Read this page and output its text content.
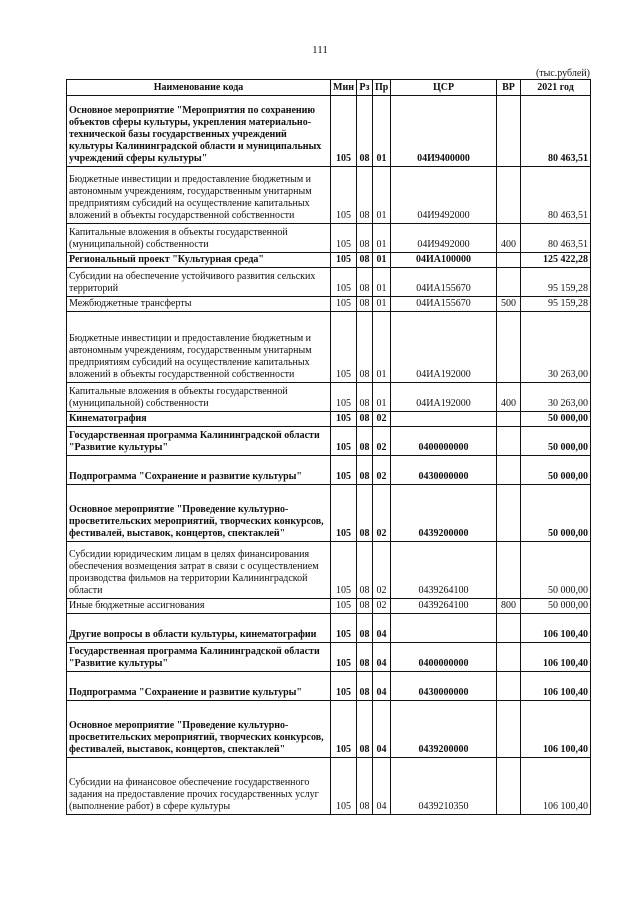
111
(тыс.рублей)
Наименование кода	Мин	Рз	Пр	ЦСР	ВР	2021 год
Основное мероприятие "Мероприятия по сохранению объектов сферы культуры, укрепления материально-технической базы государственных учреждений культуры Калининградской области и муниципальных учреждений сферы культуры"	105	08	01	04И9400000		80 463,51
Бюджетные инвестиции и предоставление бюджетным и автономным учреждениям, государственным унитарным предприятиям субсидий на осуществление капитальных вложений в объекты государственной собственности	105	08	01	04И9492000		80 463,51
Капитальные вложения в объекты государственной (муниципальной) собственности	105	08	01	04И9492000	400	80 463,51
Региональный проект "Культурная среда"	105	08	01	04ИА100000		125 422,28
Субсидии на обеспечение устойчивого развития сельских территорий	105	08	01	04ИА155670		95 159,28
Межбюджетные трансферты	105	08	01	04ИА155670	500	95 159,28
Бюджетные инвестиции и предоставление бюджетным и автономным учреждениям, государственным унитарным предприятиям субсидий на осуществление капитальных вложений в объекты государственной собственности	105	08	01	04ИА192000		30 263,00
Капитальные вложения в объекты государственной (муниципальной) собственности	105	08	01	04ИА192000	400	30 263,00
Кинематография	105	08	02			50 000,00
Государственная программа Калининградской области "Развитие культуры"	105	08	02	0400000000		50 000,00
Подпрограмма "Сохранение и развитие культуры"	105	08	02	0430000000		50 000,00
Основное мероприятие "Проведение культурно-просветительских мероприятий, творческих конкурсов, фестивалей, выставок, концертов, спектаклей"	105	08	02	0439200000		50 000,00
Субсидии юридическим лицам в целях финансирования обеспечения возмещения затрат в связи с осуществлением производства фильмов на территории Калининградской области	105	08	02	0439264100		50 000,00
Иные бюджетные ассигнования	105	08	02	0439264100	800	50 000,00
Другие вопросы в области культуры, кинематографии	105	08	04			106 100,40
Государственная программа Калининградской области "Развитие культуры"	105	08	04	0400000000		106 100,40
Подпрограмма "Сохранение и развитие культуры"	105	08	04	0430000000		106 100,40
Основное мероприятие "Проведение культурно-просветительских мероприятий, творческих конкурсов, фестивалей, выставок, концертов, спектаклей"	105	08	04	0439200000		106 100,40
Субсидии на финансовое обеспечение государственного задания на предоставление прочих государственных услуг (выполнение работ) в сфере культуры	105	08	04	0439210350		106 100,40
